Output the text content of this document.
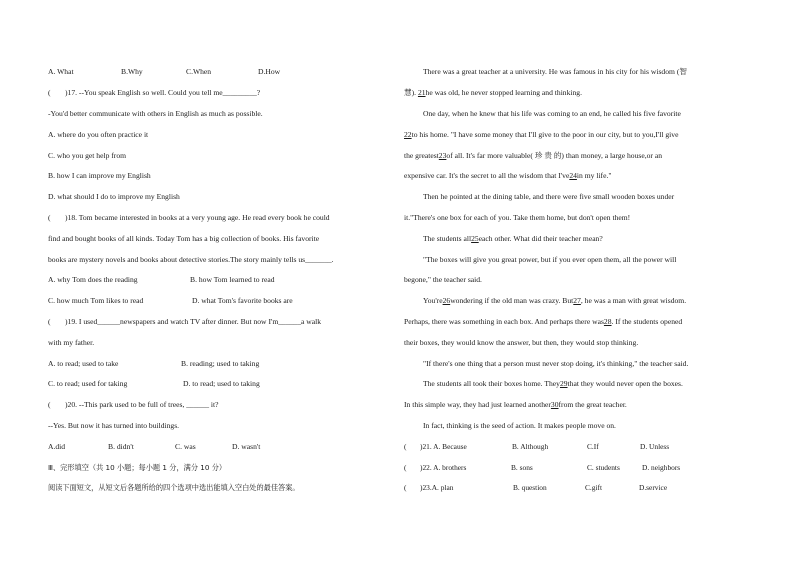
A. What	B.Why	C.When	D.How
(	)17. --You speak English so well. Could you tell me_________?
-You'd better communicate with others in English as much as possible.
A. where do you often practice it
C. who you get help from
B. how I can improve my English
D. what should I do to improve my English
(	)18. Tom became interested in books at a very young age. He read every book he could
find and bought books of all kinds. Today Tom has a big collection of books. His favorite
books are mystery novels and books about detective stories.The story mainly tells us_______.
A. why Tom does the reading	B. how Tom learned to read
C. how much Tom likes to read	D. what Tom's favorite books are
(	)19. I used______newspapers and watch TV after dinner. But now I'm______a walk
with my father.
A. to read; used to take	B. reading; used to taking
C. to read; used for taking	D. to read; used to taking
(	)20. --This park used to be full of trees, ______ it?
--Yes. But now it has turned into buildings.
A.did	B. didn't	C. was	D. wasn't
Ⅲ、完形填空（共 10 小题；每小题 1 分，满分 10 分）
阅读下面短文，从短文后各题所给的四个选项中选出能填入空白处的最佳答案。
There was a great teacher at a university. He was famous in his city for his wisdom (智
慧).
21 he was old, he never stopped learning and thinking.
One day, when he knew that his life was coming to an end, he called his five favorite
22 to his home. "I have some money that I'll give to the poor in our city, but to you,I'll give
the greatest 23 of all. It's far more valuable( 珍 贵 的) than money, a large house,or an
expensive car. It's the secret to all the wisdom that I've 24 in my life."
Then he pointed at the dining table, and there were five small wooden boxes under
it."There's one box for each of you. Take them home, but don't open them!
The students all 25 each other. What did their teacher mean?
"The boxes will give you great power, but if you ever open them, all the power will
begone," the teacher said.
You're 26 wondering if the old man was crazy. But 27 , he was a man with great wisdom.
Perhaps, there was something in each box. And perhaps there was 28 . If the students opened
their boxes, they would know the answer, but then, they would stop thinking.
"If there's one thing that a person must never stop doing, it's thinking," the teacher said.
The students all took their boxes home. They 29 that they would never open the boxes.
In this simple way, they had just learned another 30 from the great teacher.
In fact, thinking is the seed of action. It makes people move on.
(	)21. A. Because	B. Although	C.If	D. Unless
(	)22. A. brothers	B. sons	C. students	D. neighbors
(	)23.A. plan	B. question	C.gift	D.service
